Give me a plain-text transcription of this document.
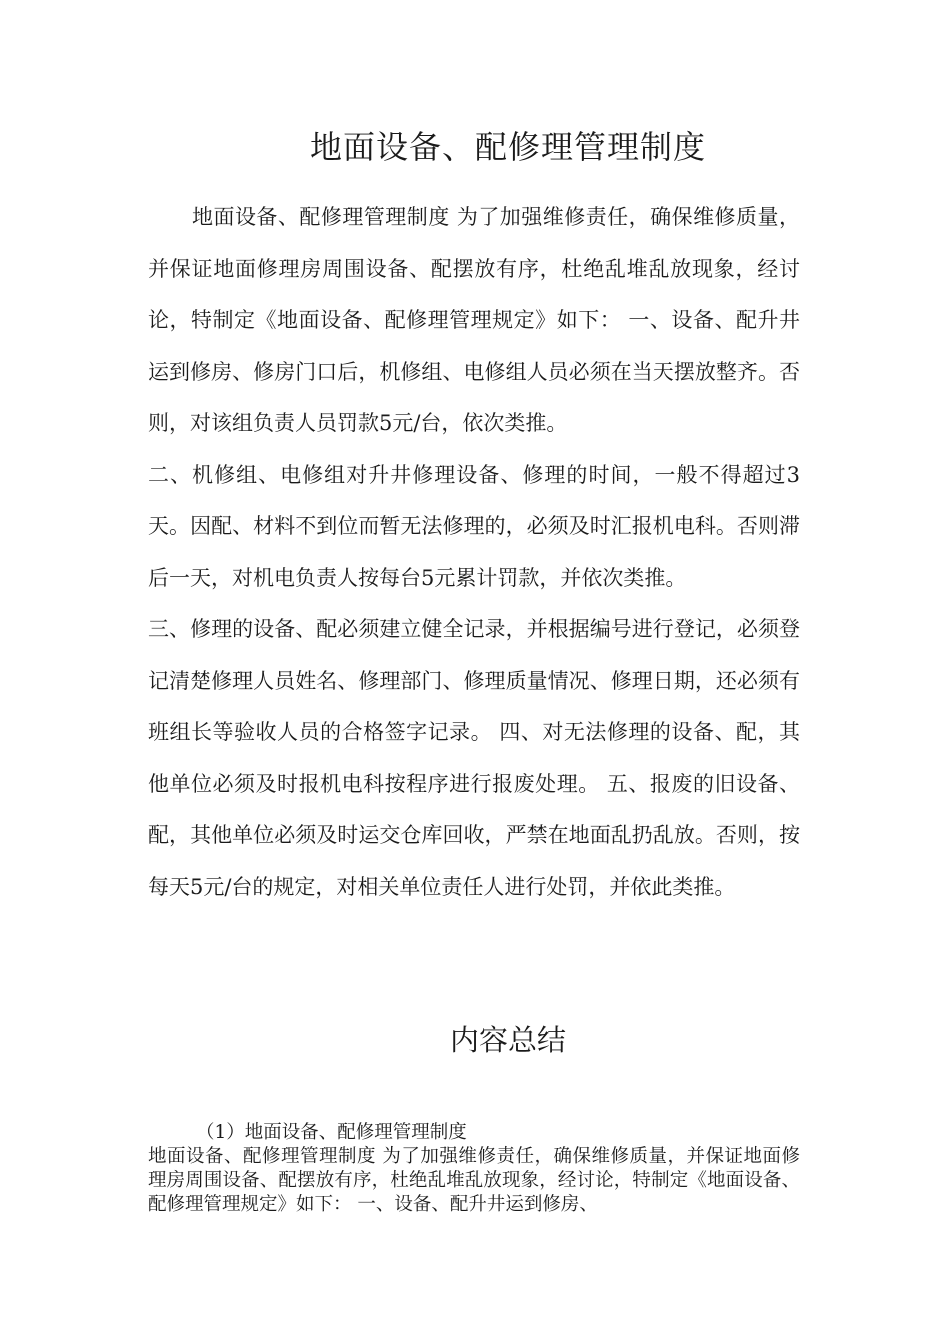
地面设备、配修理管理制度

地面设备、配修理管理制度 为了加强维修责任，确保维修质量，并保证地面修理房周围设备、配摆放有序，杜绝乱堆乱放现象，经讨论，特制定《地面设备、配修理管理规定》如下： 一、设备、配升井运到修房、修房门口后，机修组、电修组人员必须在当天摆放整齐。否则，对该组负责人员罚款5元/台，依次类推。

二、机修组、电修组对升井修理设备、修理的时间，一般不得超过3天。因配、材料不到位而暂无法修理的，必须及时汇报机电科。否则滞后一天，对机电负责人按每台5元累计罚款，并依次类推。

三、修理的设备、配必须建立健全记录，并根据编号进行登记，必须登记清楚修理人员姓名、修理部门、修理质量情况、修理日期，还必须有班组长等验收人员的合格签字记录。 四、对无法修理的设备、配，其他单位必须及时报机电科按程序进行报废处理。 五、报废的旧设备、配，其他单位必须及时运交仓库回收，严禁在地面乱扔乱放。否则，按每天5元/台的规定，对相关单位责任人进行处罚，并依此类推。

内容总结

（1）地面设备、配修理管理制度

地面设备、配修理管理制度 为了加强维修责任，确保维修质量，并保证地面修理房周围设备、配摆放有序，杜绝乱堆乱放现象，经讨论，特制定《地面设备、配修理管理规定》如下： 一、设备、配升井运到修房、
